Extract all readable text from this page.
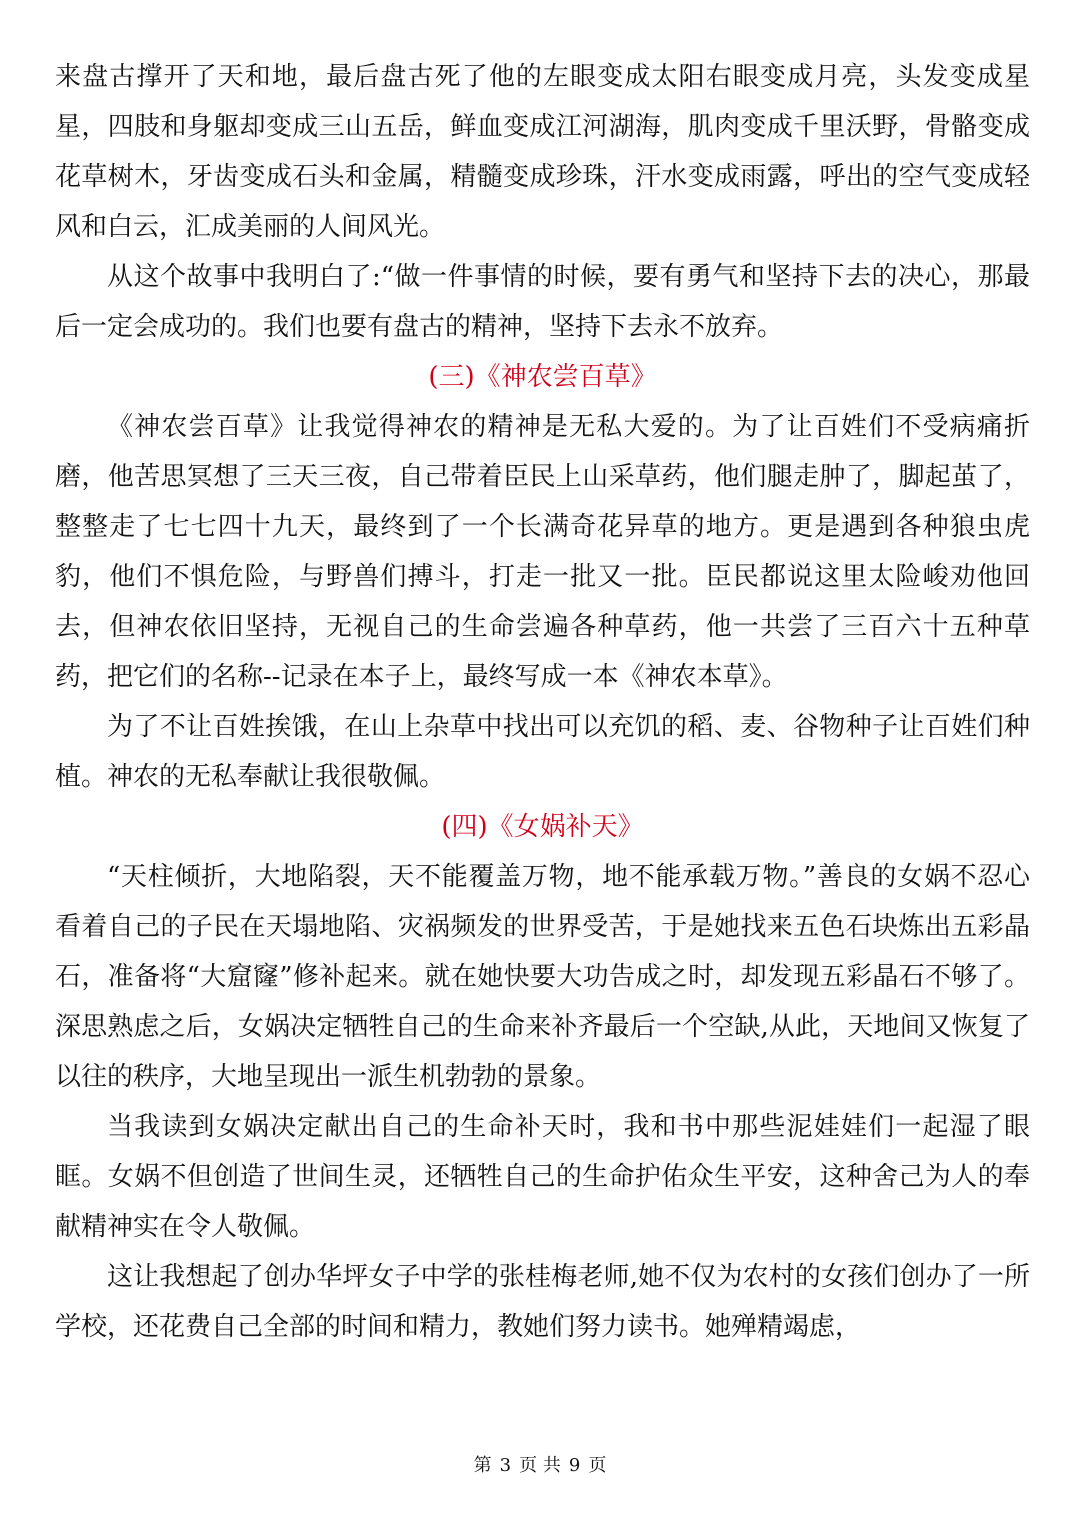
来盘古撑开了天和地，最后盘古死了他的左眼变成太阳右眼变成月亮，头发变成星星，四肢和身躯却变成三山五岳，鲜血变成江河湖海，肌肉变成千里沃野，骨骼变成花草树木，牙齿变成石头和金属，精髓变成珍珠，汗水变成雨露，呼出的空气变成轻风和白云，汇成美丽的人间风光。

从这个故事中我明白了:“做一件事情的时候，要有勇气和坚持下去的决心，那最后一定会成功的。我们也要有盘古的精神，坚持下去永不放弃。

(三)《神农尝百草》

《神农尝百草》让我觉得神农的精神是无私大爱的。为了让百姓们不受病痛折磨，他苦思冥想了三天三夜，自己带着臣民上山采草药，他们腿走肿了，脚起茧了，整整走了七七四十九天，最终到了一个长满奇花异草的地方。更是遇到各种狼虫虎豹，他们不惧危险，与野兽们搏斗，打走一批又一批。臣民都说这里太险峻劝他回去，但神农依旧坚持，无视自己的生命尝遍各种草药，他一共尝了三百六十五种草药，把它们的名称--记录在本子上，最终写成一本《神农本草》。

为了不让百姓挨饿，在山上杂草中找出可以充饥的稻、麦、谷物种子让百姓们种植。神农的无私奉献让我很敬佩。

(四)《女娲补天》

“天柱倾折，大地陷裂，天不能覆盖万物，地不能承载万物。”善良的女娲不忍心看着自己的子民在天塌地陷、灾祸频发的世界受苦，于是她找来五色石块炼出五彩晶石，准备将“大窟窿”修补起来。就在她快要大功告成之时，却发现五彩晶石不够了。深思熟虑之后，女娲决定牺牲自己的生命来补齐最后一个空缺,从此，天地间又恢复了以往的秩序，大地呈现出一派生机勃勃的景象。

当我读到女娲决定献出自己的生命补天时，我和书中那些泥娃娃们一起湿了眼眶。女娲不但创造了世间生灵，还牺牲自己的生命护佑众生平安，这种舍己为人的奉献精神实在令人敬佩。

这让我想起了创办华坪女子中学的张桂梅老师,她不仅为农村的女孩们创办了一所学校，还花费自己全部的时间和精力，教她们努力读书。她殚精竭虑，

第 3 页 共 9 页
